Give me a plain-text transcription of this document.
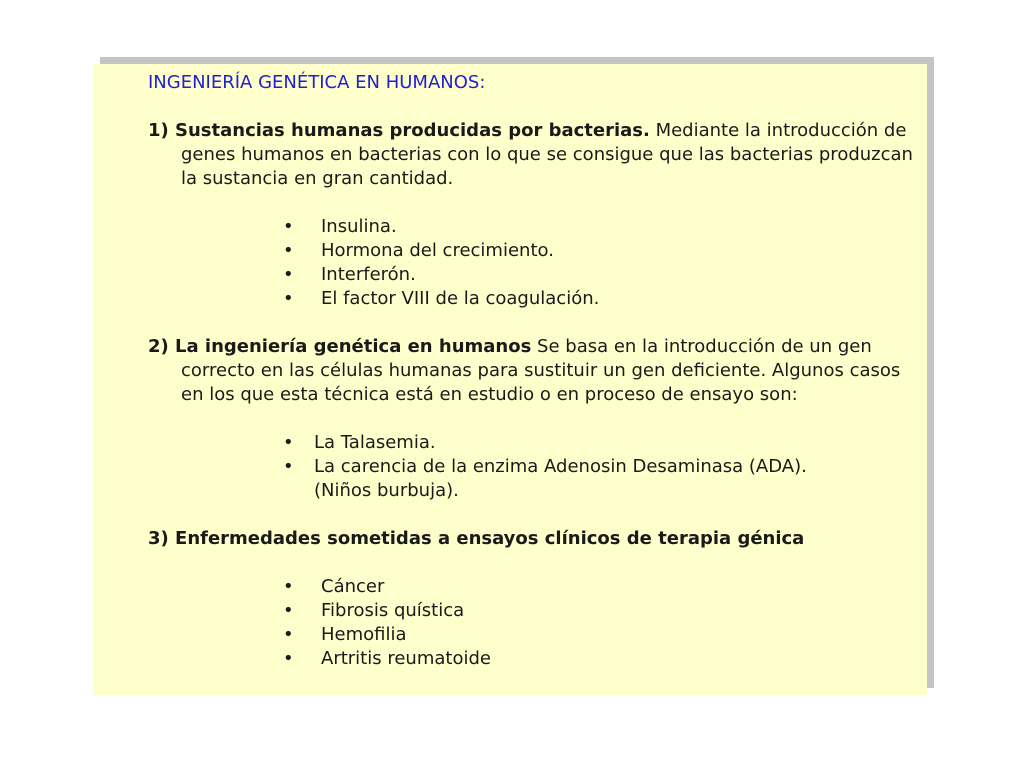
INGENIERÍA GENÉTICA EN HUMANOS:

1) Sustancias humanas producidas por bacterias. Mediante la introducción de genes humanos en bacterias con lo que se consigue que las bacterias produzcan la sustancia en gran cantidad.

• Insulina.
• Hormona del crecimiento.
• Interferón.
• El factor VIII de la coagulación.

2) La ingeniería genética en humanos Se basa en la introducción de un gen correcto en las células humanas para sustituir un gen deficiente. Algunos casos en los que esta técnica está en estudio o en proceso de ensayo son:

• La Talasemia.
• La carencia de la enzima Adenosin Desaminasa (ADA).
(Niños burbuja).

3) Enfermedades sometidas a ensayos clínicos de terapia génica

• Cáncer
• Fibrosis quística
• Hemofilia
• Artritis reumatoide
